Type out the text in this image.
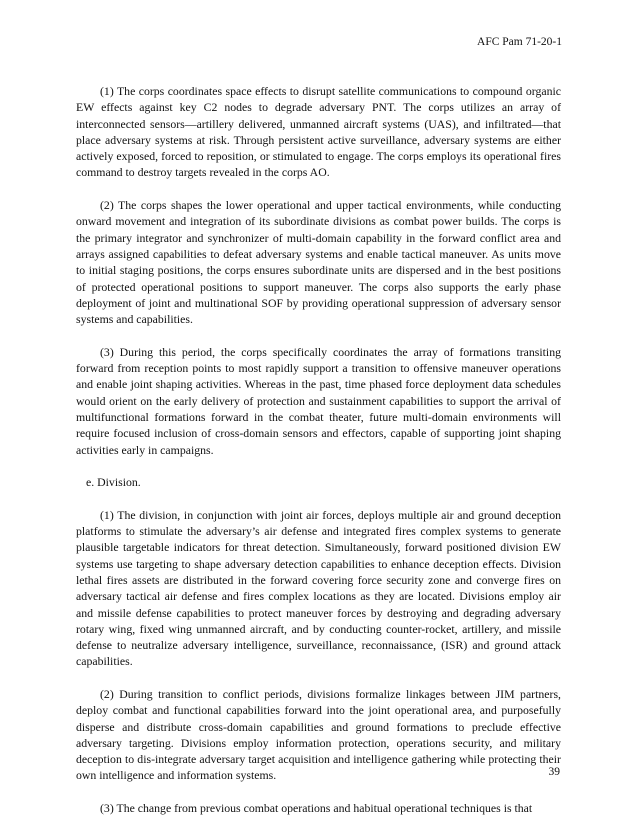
AFC Pam 71-20-1

(1) The corps coordinates space effects to disrupt satellite communications to compound organic EW effects against key C2 nodes to degrade adversary PNT. The corps utilizes an array of interconnected sensors—artillery delivered, unmanned aircraft systems (UAS), and infiltrated—that place adversary systems at risk. Through persistent active surveillance, adversary systems are either actively exposed, forced to reposition, or stimulated to engage. The corps employs its operational fires command to destroy targets revealed in the corps AO.

(2) The corps shapes the lower operational and upper tactical environments, while conducting onward movement and integration of its subordinate divisions as combat power builds. The corps is the primary integrator and synchronizer of multi-domain capability in the forward conflict area and arrays assigned capabilities to defeat adversary systems and enable tactical maneuver. As units move to initial staging positions, the corps ensures subordinate units are dispersed and in the best positions of protected operational positions to support maneuver. The corps also supports the early phase deployment of joint and multinational SOF by providing operational suppression of adversary sensor systems and capabilities.

(3) During this period, the corps specifically coordinates the array of formations transiting forward from reception points to most rapidly support a transition to offensive maneuver operations and enable joint shaping activities. Whereas in the past, time phased force deployment data schedules would orient on the early delivery of protection and sustainment capabilities to support the arrival of multifunctional formations forward in the combat theater, future multi-domain environments will require focused inclusion of cross-domain sensors and effectors, capable of supporting joint shaping activities early in campaigns.

e. Division.

(1) The division, in conjunction with joint air forces, deploys multiple air and ground deception platforms to stimulate the adversary’s air defense and integrated fires complex systems to generate plausible targetable indicators for threat detection. Simultaneously, forward positioned division EW systems use targeting to shape adversary detection capabilities to enhance deception effects. Division lethal fires assets are distributed in the forward covering force security zone and converge fires on adversary tactical air defense and fires complex locations as they are located. Divisions employ air and missile defense capabilities to protect maneuver forces by destroying and degrading adversary rotary wing, fixed wing unmanned aircraft, and by conducting counter-rocket, artillery, and missile defense to neutralize adversary intelligence, surveillance, reconnaissance, (ISR) and ground attack capabilities.

(2) During transition to conflict periods, divisions formalize linkages between JIM partners, deploy combat and functional capabilities forward into the joint operational area, and purposefully disperse and distribute cross-domain capabilities and ground formations to preclude effective adversary targeting. Divisions employ information protection, operations security, and military deception to dis-integrate adversary target acquisition and intelligence gathering while protecting their own intelligence and information systems.

(3) The change from previous combat operations and habitual operational techniques is that

39
